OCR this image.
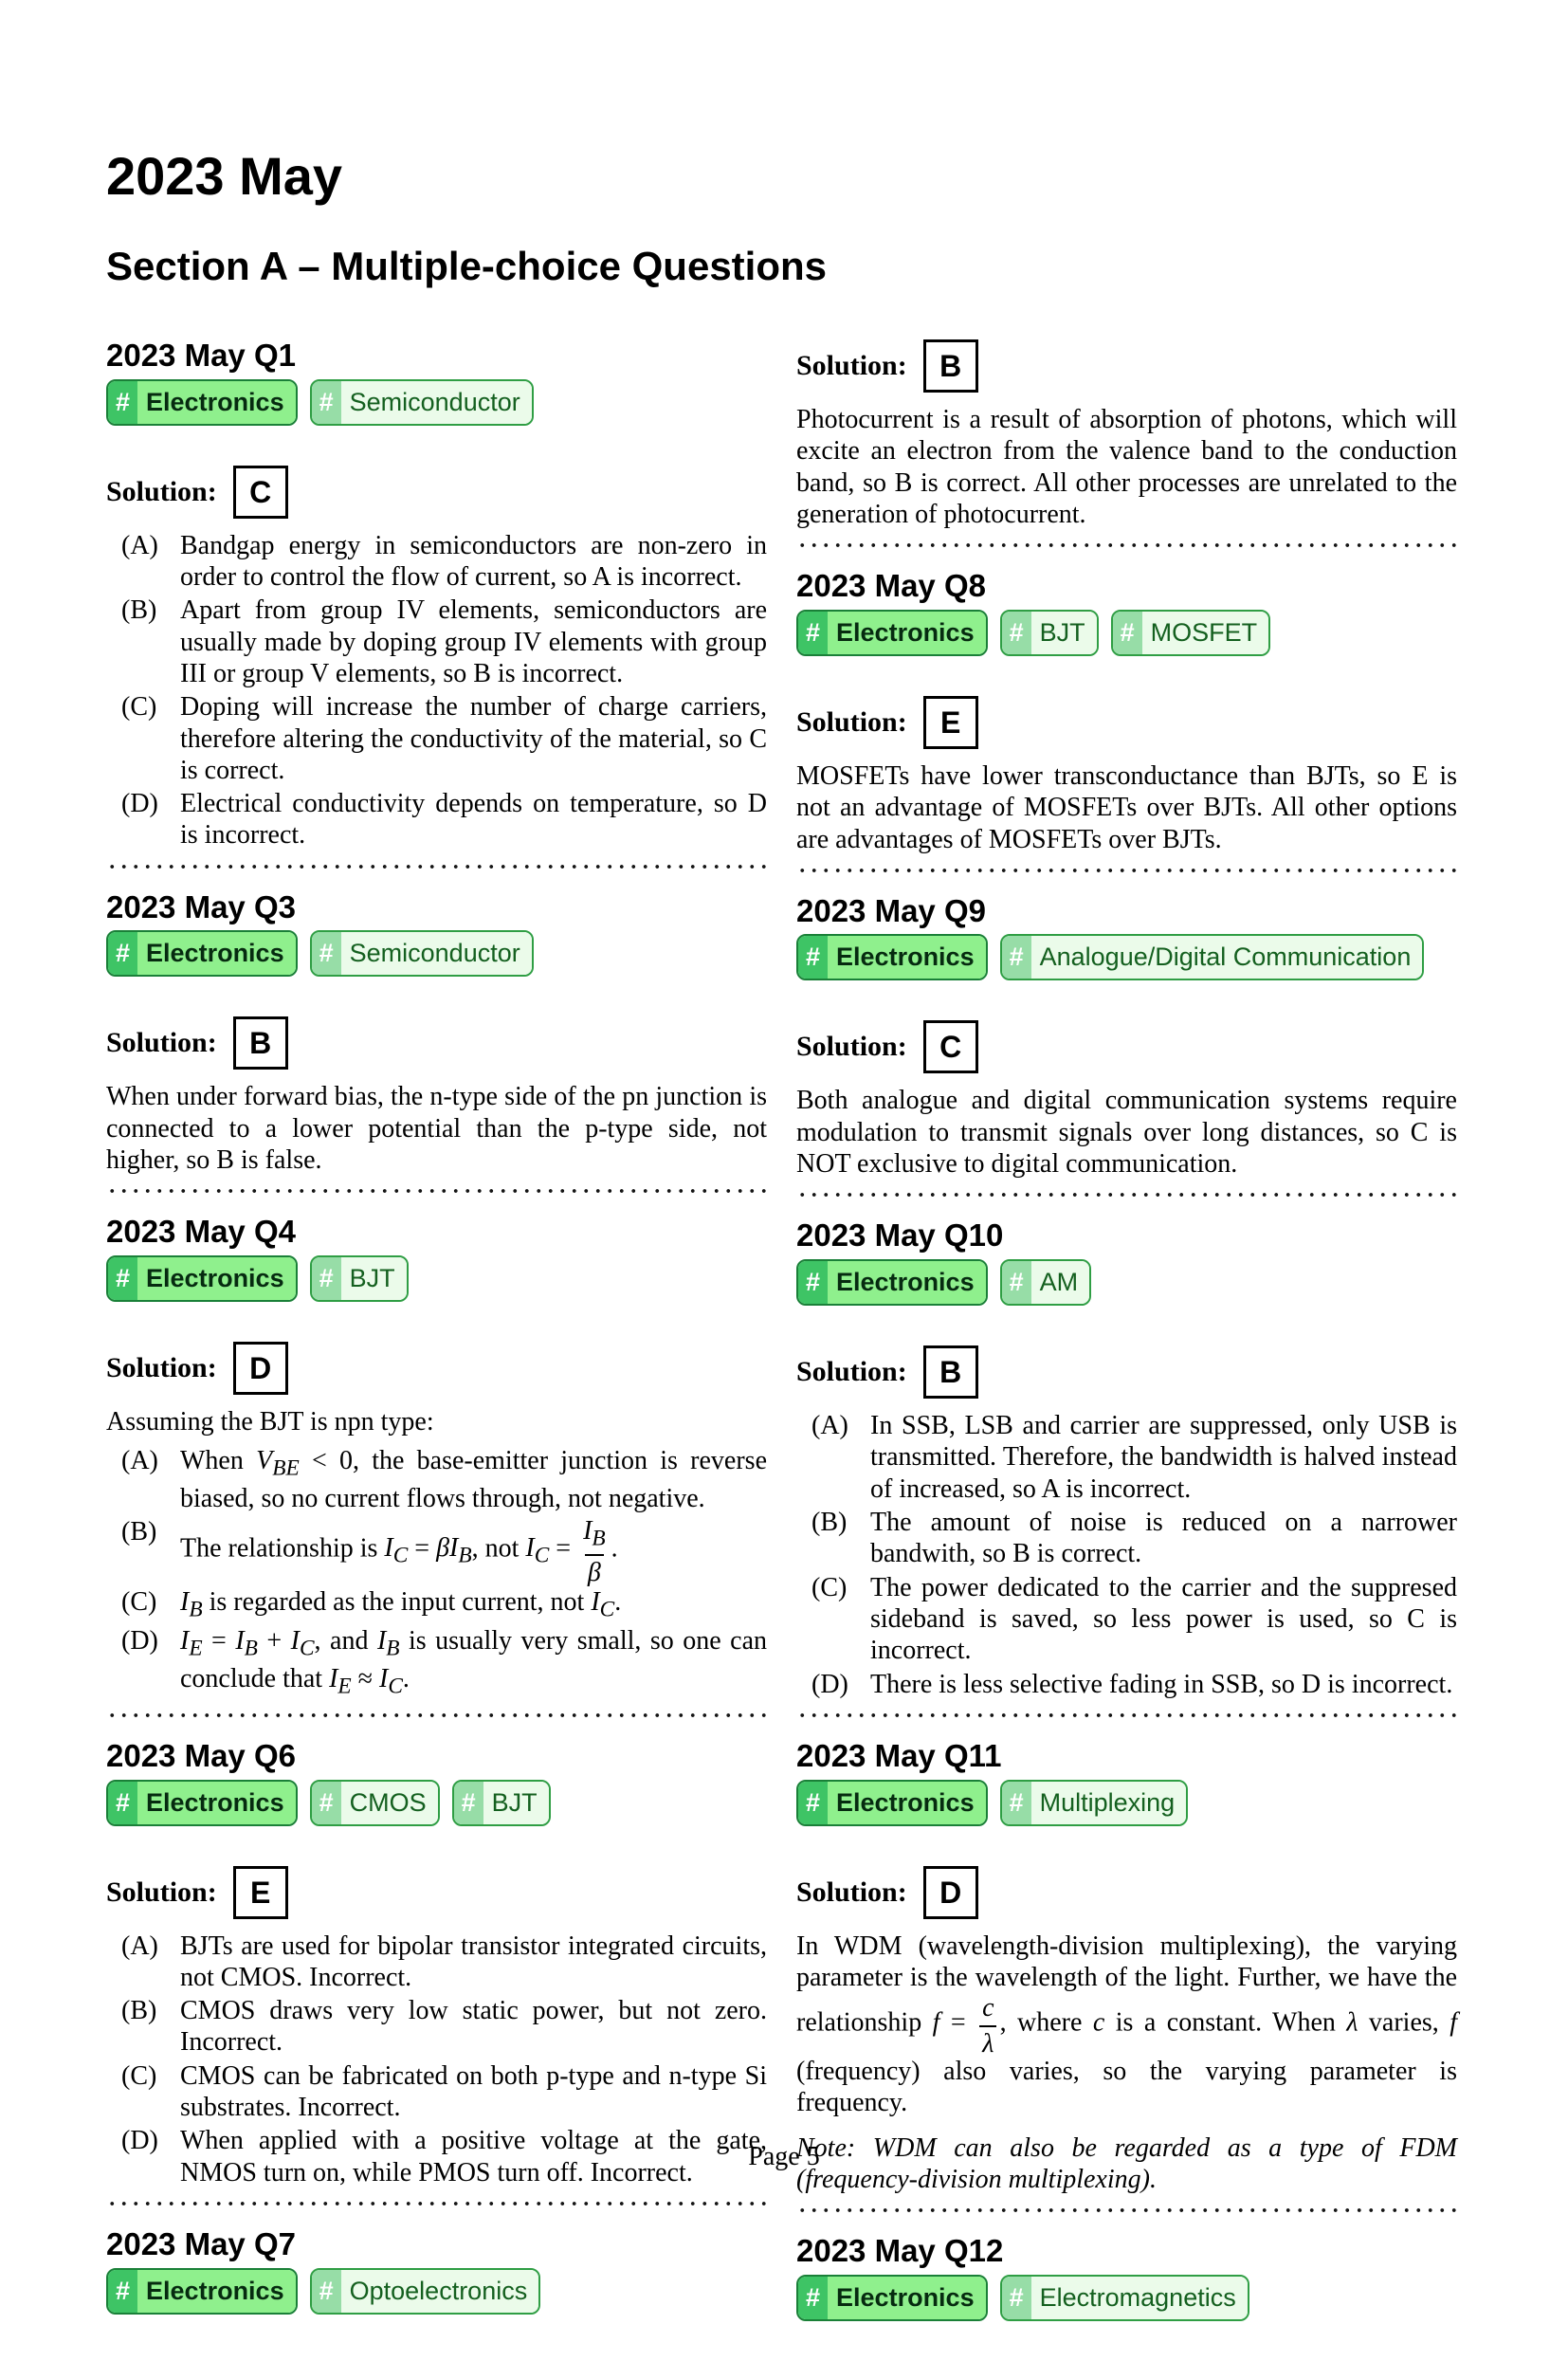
2023 May
Section A – Multiple-choice Questions
2023 May Q1
# Electronics	# Semiconductor
Solution:	C
(A) Bandgap energy in semiconductors are non-zero in order to control the flow of current, so A is incorrect.
(B) Apart from group IV elements, semiconductors are usually made by doping group IV elements with group III or group V elements, so B is incorrect.
(C) Doping will increase the number of charge carriers, therefore altering the conductivity of the material, so C is correct.
(D) Electrical conductivity depends on temperature, so D is incorrect.
2023 May Q3
# Electronics	# Semiconductor
Solution:	B
When under forward bias, the n-type side of the pn junction is connected to a lower potential than the p-type side, not higher, so B is false.
2023 May Q4
# Electronics	# BJT
Solution:	D
Assuming the BJT is npn type:
(A) When $V_{BE} < 0$, the base-emitter junction is reverse biased, so no current flows through, not negative.
(B)
The relationship is $I_C = \beta I_B$, not $I_C = \frac{I_B}{\beta}$ .
(C) $I_B$ is regarded as the input current, not $I_C$.
(D) $I_E = I_B + I_C$, and $I_B$ is usually very small, so one can conclude that $I_E \approx I_C$.
2023 May Q6
# Electronics	# CMOS	# BJT
Solution:	E
(A) BJTs are used for bipolar transistor integrated circuits, not CMOS. Incorrect.
(B) CMOS draws very low static power, but not zero. Incorrect.
(C) CMOS can be fabricated on both p-type and n-type Si substrates. Incorrect.
(D) When applied with a positive voltage at the gate, NMOS turn on, while PMOS turn off. Incorrect.
2023 May Q7
# Electronics	# Optoelectronics
Solution:	B
Photocurrent is a result of absorption of photons, which will excite an electron from the valence band to the conduction band, so B is correct. All other processes are unrelated to the generation of photocurrent.
2023 May Q8
# Electronics	# BJT	# MOSFET
Solution:	E
MOSFETs have lower transconductance than BJTs, so E is not an advantage of MOSFETs over BJTs. All other options are advantages of MOSFETs over BJTs.
2023 May Q9
# Electronics	# Analogue/Digital Communication
Solution:	C
Both analogue and digital communication systems require modulation to transmit signals over long distances, so C is NOT exclusive to digital communication.
2023 May Q10
# Electronics	# AM
Solution:	B
(A) In SSB, LSB and carrier are suppressed, only USB is transmitted. Therefore, the bandwidth is halved instead of increased, so A is incorrect.
(B) The amount of noise is reduced on a narrower bandwith, so B is correct.
(C) The power dedicated to the carrier and the suppresed sideband is saved, so less power is used, so C is incorrect.
(D) There is less selective fading in SSB, so D is incorrect.
2023 May Q11
# Electronics	# Multiplexing
Solution:	D
In WDM (wavelength-division multiplexing), the varying parameter is the wavelength of the light. Further, we have the relationship $f = \frac{c}{\lambda}$ , where c is a constant. When λ varies, f (frequency) also varies, so the varying parameter is frequency.
Note: WDM can also be regarded as a type of FDM (frequency-division multiplexing).
2023 May Q12
# Electronics	# Electromagnetics
Page 5
